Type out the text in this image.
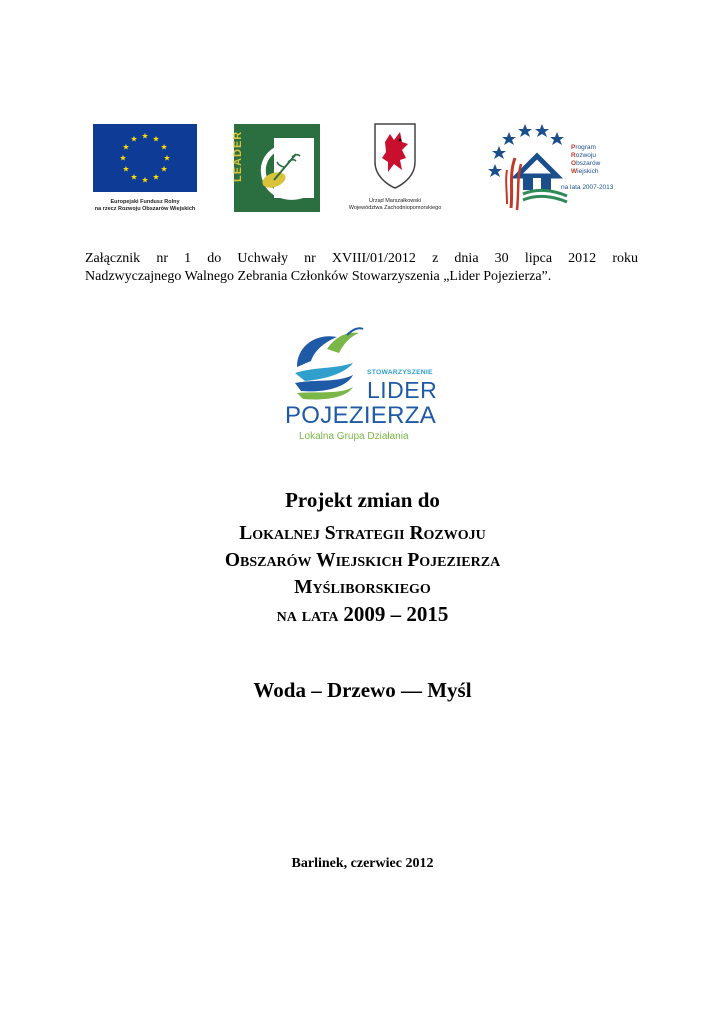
Europejski Fundusz Rolny
na rzecz Rozwoju Obszarów Wiejskich
LEADER
Urząd Marszałkowski
Województwa Zachodniopomorskiego
Program
Rozwoju
Obszarów
Wiejskich
na lata 2007-2013
Załącznik nr 1 do Uchwały nr XVIII/01/2012 z dnia 30 lipca 2012 roku
Nadzwyczajnego Walnego Zebrania Członków Stowarzyszenia „Lider Pojezierza”.
STOWARZYSZENIE
LIDER
POJEZIERZA
Lokalna Grupa Działania
Projekt zmian do
Lokalnej Strategii Rozwoju
Obszarów Wiejskich Pojezierza
Myśliborskiego
na lata 2009 – 2015
Woda – Drzewo –– Myśl
Barlinek, czerwiec 2012
